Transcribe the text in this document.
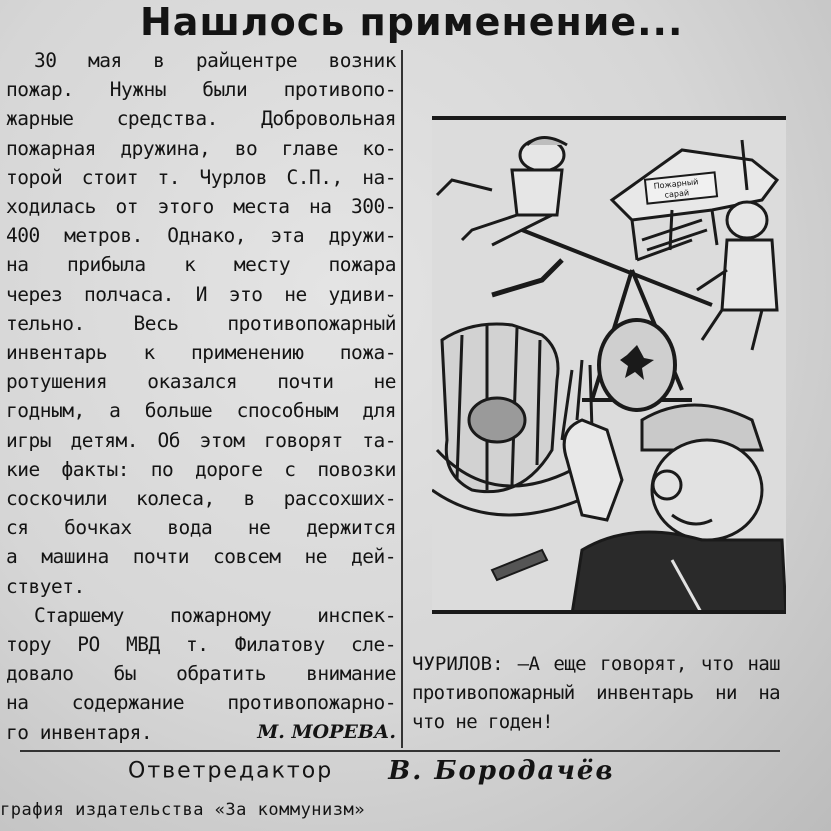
Нашлось применение...
30 мая в райцентре возник
пожар. Нужны были противопо-
жарные средства. Добровольная
пожарная дружина, во главе ко-
торой стоит т. Чурлов С.П., на-
ходилась от этого места на 300-
400 метров. Однако, эта дружи-
на прибыла к месту пожара
через полчаса. И это не удиви-
тельно. Весь противопожарный
инвентарь к применению пожа-
ротушения оказался почти не
годным, а больше способным для
игры детям. Об этом говорят та-
кие факты: по дороге с повозки
соскочили колеса, в рассохших-
ся бочках вода не держится
а машина почти совсем не дей-
ствует.
Старшему пожарному инспек-
тору РО МВД т. Филатову сле-
довало бы обратить внимание
на содержание противопожарно-
го инвентаря.	М. МОРЕВА.
Пожарный
сарай
ЧУРИЛОВ: —А еще говорят, что наш противопожарный инвентарь ни на что не годен!
Ответредактор В. Бородачёв
графия издательства «За коммунизм»
